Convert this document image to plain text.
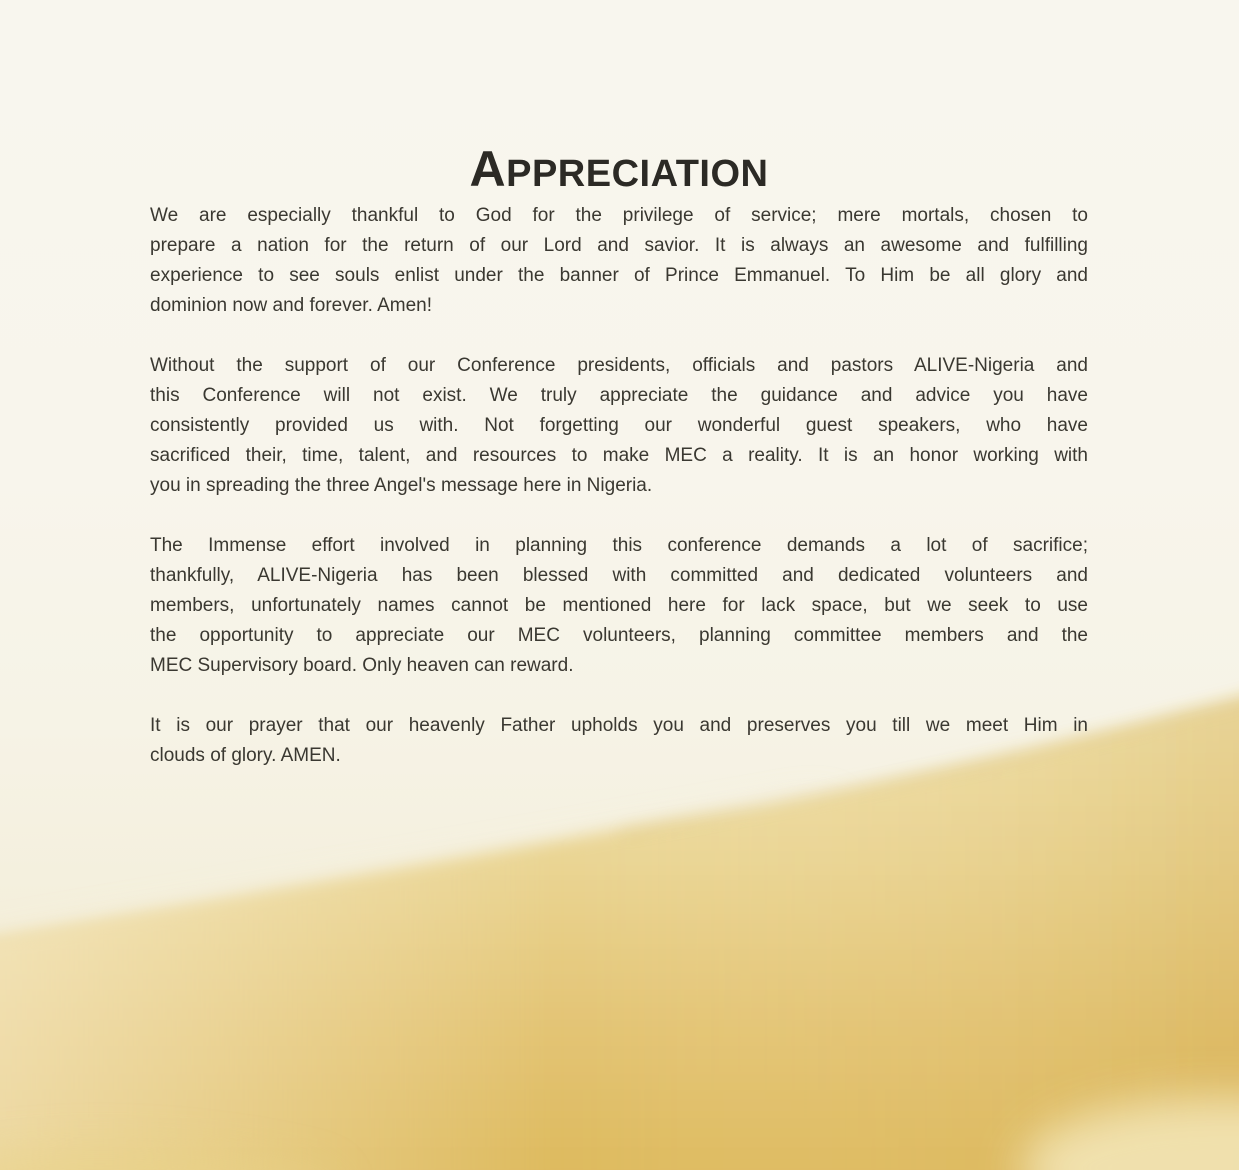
APPRECIATION

We are especially thankful to God for the privilege of service; mere mortals, chosen to
prepare a nation for the return of our Lord and savior. It is always an awesome and fulfilling
experience to see souls enlist under the banner of Prince Emmanuel. To Him be all glory and
dominion now and forever. Amen!

Without the support of our Conference presidents, officials and pastors ALIVE-Nigeria and
this Conference will not exist. We truly appreciate the guidance and advice you have
consistently provided us with. Not forgetting our wonderful guest speakers, who have
sacrificed their, time, talent, and resources to make MEC a reality. It is an honor working with
you in spreading the three Angel's message here in Nigeria.

The Immense effort involved in planning this conference demands a lot of sacrifice;
thankfully, ALIVE-Nigeria has been blessed with committed and dedicated volunteers and
members, unfortunately names cannot be mentioned here for lack space, but we seek to use
the opportunity to appreciate our MEC volunteers, planning committee members and the
MEC Supervisory board. Only heaven can reward.

It is our prayer that our heavenly Father upholds you and preserves you till we meet Him in
clouds of glory. AMEN.
